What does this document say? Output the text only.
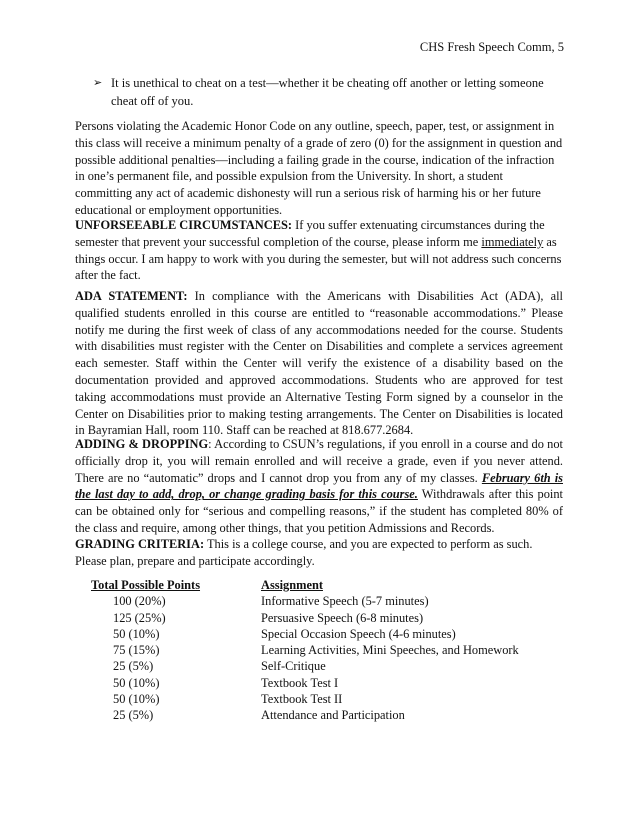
CHS Fresh Speech Comm, 5
➢ It is unethical to cheat on a test—whether it be cheating off another or letting someone cheat off of you.

Persons violating the Academic Honor Code on any outline, speech, paper, test, or assignment in this class will receive a minimum penalty of a grade of zero (0) for the assignment in question and possible additional penalties—including a failing grade in the course, indication of the infraction in one’s permanent file, and possible expulsion from the University. In short, a student committing any act of academic dishonesty will run a serious risk of harming his or her future educational or employment opportunities.

UNFORSEEABLE CIRCUMSTANCES: If you suffer extenuating circumstances during the semester that prevent your successful completion of the course, please inform me immediately as things occur. I am happy to work with you during the semester, but will not address such concerns after the fact.

ADA STATEMENT: In compliance with the Americans with Disabilities Act (ADA), all qualified students enrolled in this course are entitled to “reasonable accommodations.” Please notify me during the first week of class of any accommodations needed for the course. Students with disabilities must register with the Center on Disabilities and complete a services agreement each semester. Staff within the Center will verify the existence of a disability based on the documentation provided and approved accommodations. Students who are approved for test taking accommodations must provide an Alternative Testing Form signed by a counselor in the Center on Disabilities prior to making testing arrangements. The Center on Disabilities is located in Bayramian Hall, room 110. Staff can be reached at 818.677.2684.

ADDING & DROPPING: According to CSUN’s regulations, if you enroll in a course and do not officially drop it, you will remain enrolled and will receive a grade, even if you never attend. There are no “automatic” drops and I cannot drop you from any of my classes. February 6th is the last day to add, drop, or change grading basis for this course. Withdrawals after this point can be obtained only for “serious and compelling reasons,” if the student has completed 80% of the class and require, among other things, that you petition Admissions and Records.

GRADING CRITERIA: This is a college course, and you are expected to perform as such. Please plan, prepare and participate accordingly.

Total Possible Points	Assignment
100 (20%)	Informative Speech (5-7 minutes)
125 (25%)	Persuasive Speech (6-8 minutes)
50 (10%)	Special Occasion Speech (4-6 minutes)
75 (15%)	Learning Activities, Mini Speeches, and Homework
25 (5%)	Self-Critique
50 (10%)	Textbook Test I
50 (10%)	Textbook Test II
25 (5%)	Attendance and Participation
